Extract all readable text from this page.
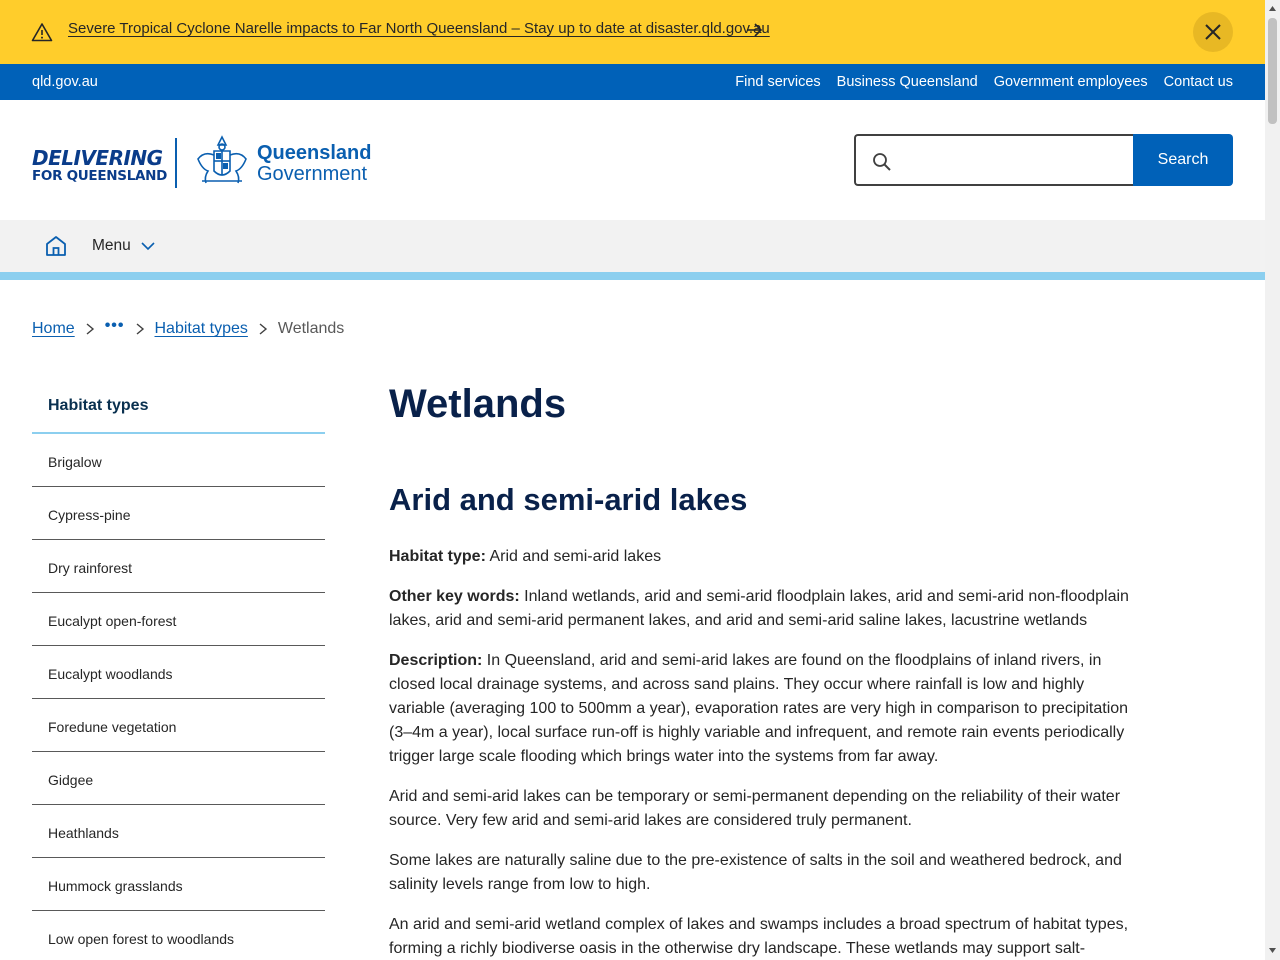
Severe Tropical Cyclone Narelle impacts to Far North Queensland – Stay up to date at disaster.qld.gov.au
qld.gov.au	Find services Business Queensland Government employees Contact us
DELIVERING
FOR QUEENSLAND
Queensland
Government
Search
Menu
Home ••• Habitat types Wetlands
Habitat types
Brigalow
Cypress-pine
Dry rainforest
Eucalypt open-forest
Eucalypt woodlands
Foredune vegetation
Gidgee
Heathlands
Hummock grasslands
Low open forest to woodlands
Wetlands
Arid and semi-arid lakes

Habitat type: Arid and semi-arid lakes

Other key words: Inland wetlands, arid and semi-arid floodplain lakes, arid and semi-arid non-floodplain lakes, arid and semi-arid permanent lakes, and arid and semi-arid saline lakes, lacustrine wetlands

Description: In Queensland, arid and semi-arid lakes are found on the floodplains of inland rivers, in closed local drainage systems, and across sand plains. They occur where rainfall is low and highly variable (averaging 100 to 500mm a year), evaporation rates are very high in comparison to precipitation (3–4m a year), local surface run-off is highly variable and infrequent, and remote rain events periodically trigger large scale flooding which brings water into the systems from far away.

Arid and semi-arid lakes can be temporary or semi-permanent depending on the reliability of their water source. Very few arid and semi-arid lakes are considered truly permanent.

Some lakes are naturally saline due to the pre-existence of salts in the soil and weathered bedrock, and salinity levels range from low to high.

An arid and semi-arid wetland complex of lakes and swamps includes a broad spectrum of habitat types, forming a richly biodiverse oasis in the otherwise dry landscape. These wetlands may support salt-
